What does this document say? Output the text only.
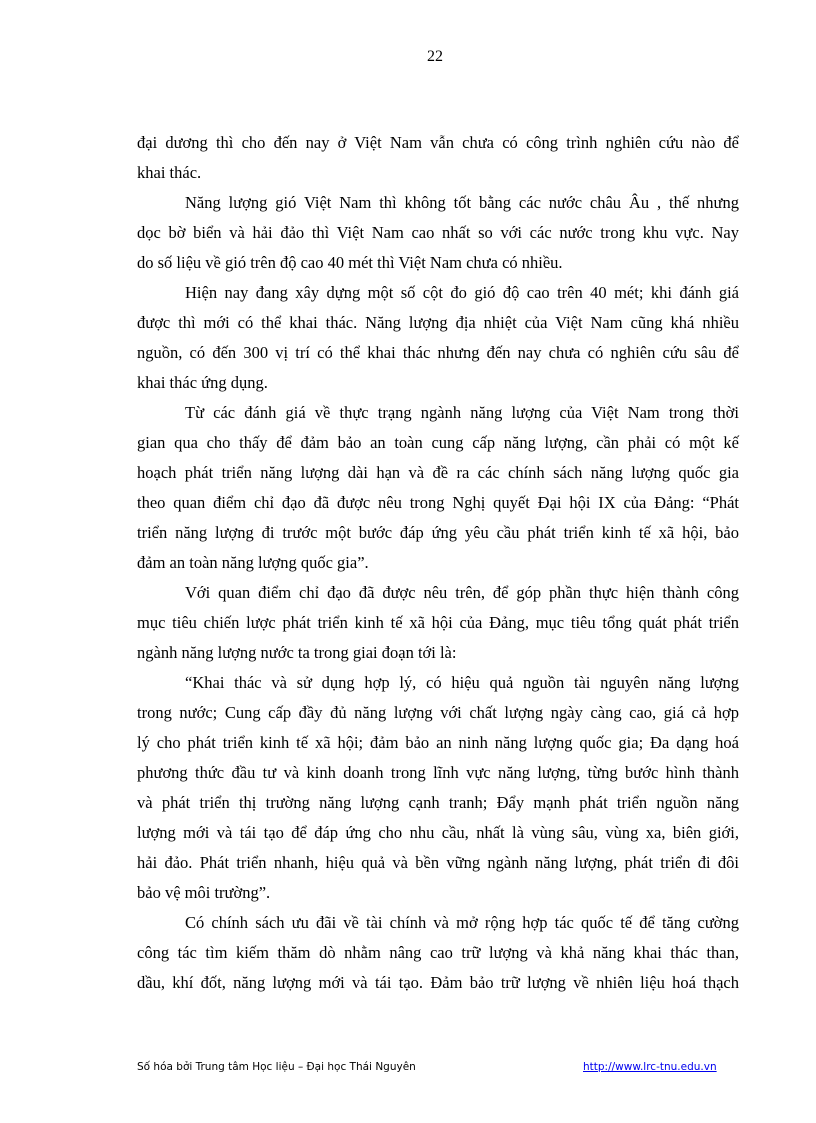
22
đại dương thì cho đến nay ở Việt Nam vẫn chưa có công trình nghiên cứu nào để
khai thác.
Năng lượng gió Việt Nam thì không tốt bằng các nước châu Âu , thế nhưng
dọc bờ biển và hải đảo thì Việt Nam cao nhất so với các nước trong khu vực. Nay
do số liệu về gió trên độ cao 40 mét thì Việt Nam chưa có nhiều.
Hiện nay đang xây dựng một số cột đo gió độ cao trên 40 mét; khi đánh giá
được thì mới có thể khai thác. Năng lượng địa nhiệt của Việt Nam cũng khá nhiều
nguồn, có đến 300 vị trí có thể khai thác nhưng đến nay chưa có nghiên cứu sâu để
khai thác ứng dụng.
Từ các đánh giá về thực trạng ngành năng lượng của Việt Nam trong thời
gian qua cho thấy để đảm bảo an toàn cung cấp năng lượng, cần phải có một kế
hoạch phát triển năng lượng dài hạn và đề ra các chính sách năng lượng quốc gia
theo quan điểm chỉ đạo đã được nêu trong Nghị quyết Đại hội IX của Đảng: “Phát
triển năng lượng đi trước một bước đáp ứng yêu cầu phát triển kinh tế xã hội, bảo
đảm an toàn năng lượng quốc gia”.
Với quan điểm chỉ đạo đã được nêu trên, để góp phần thực hiện thành công
mục tiêu chiến lược phát triển kinh tế xã hội của Đảng, mục tiêu tổng quát phát triển
ngành năng lượng nước ta trong giai đoạn tới là:
“Khai thác và sử dụng hợp lý, có hiệu quả nguồn tài nguyên năng lượng
trong nước; Cung cấp đầy đủ năng lượng với chất lượng ngày càng cao, giá cả hợp
lý cho phát triển kinh tế xã hội; đảm bảo an ninh năng lượng quốc gia; Đa dạng hoá
phương thức đầu tư và kinh doanh trong lĩnh vực năng lượng, từng bước hình thành
và phát triển thị trường năng lượng cạnh tranh; Đẩy mạnh phát triển nguồn năng
lượng mới và tái tạo để đáp ứng cho nhu cầu, nhất là vùng sâu, vùng xa, biên giới,
hải đảo. Phát triển nhanh, hiệu quả và bền vững ngành năng lượng, phát triển đi đôi
bảo vệ môi trường”.
Có chính sách ưu đãi về tài chính và mở rộng hợp tác quốc tế để tăng cường
công tác tìm kiếm thăm dò nhằm nâng cao trữ lượng và khả năng khai thác than,
dầu, khí đốt, năng lượng mới và tái tạo. Đảm bảo trữ lượng về nhiên liệu hoá thạch
Số hóa bởi Trung tâm Học liệu – Đại học Thái Nguyên	http://www.lrc-tnu.edu.vn
